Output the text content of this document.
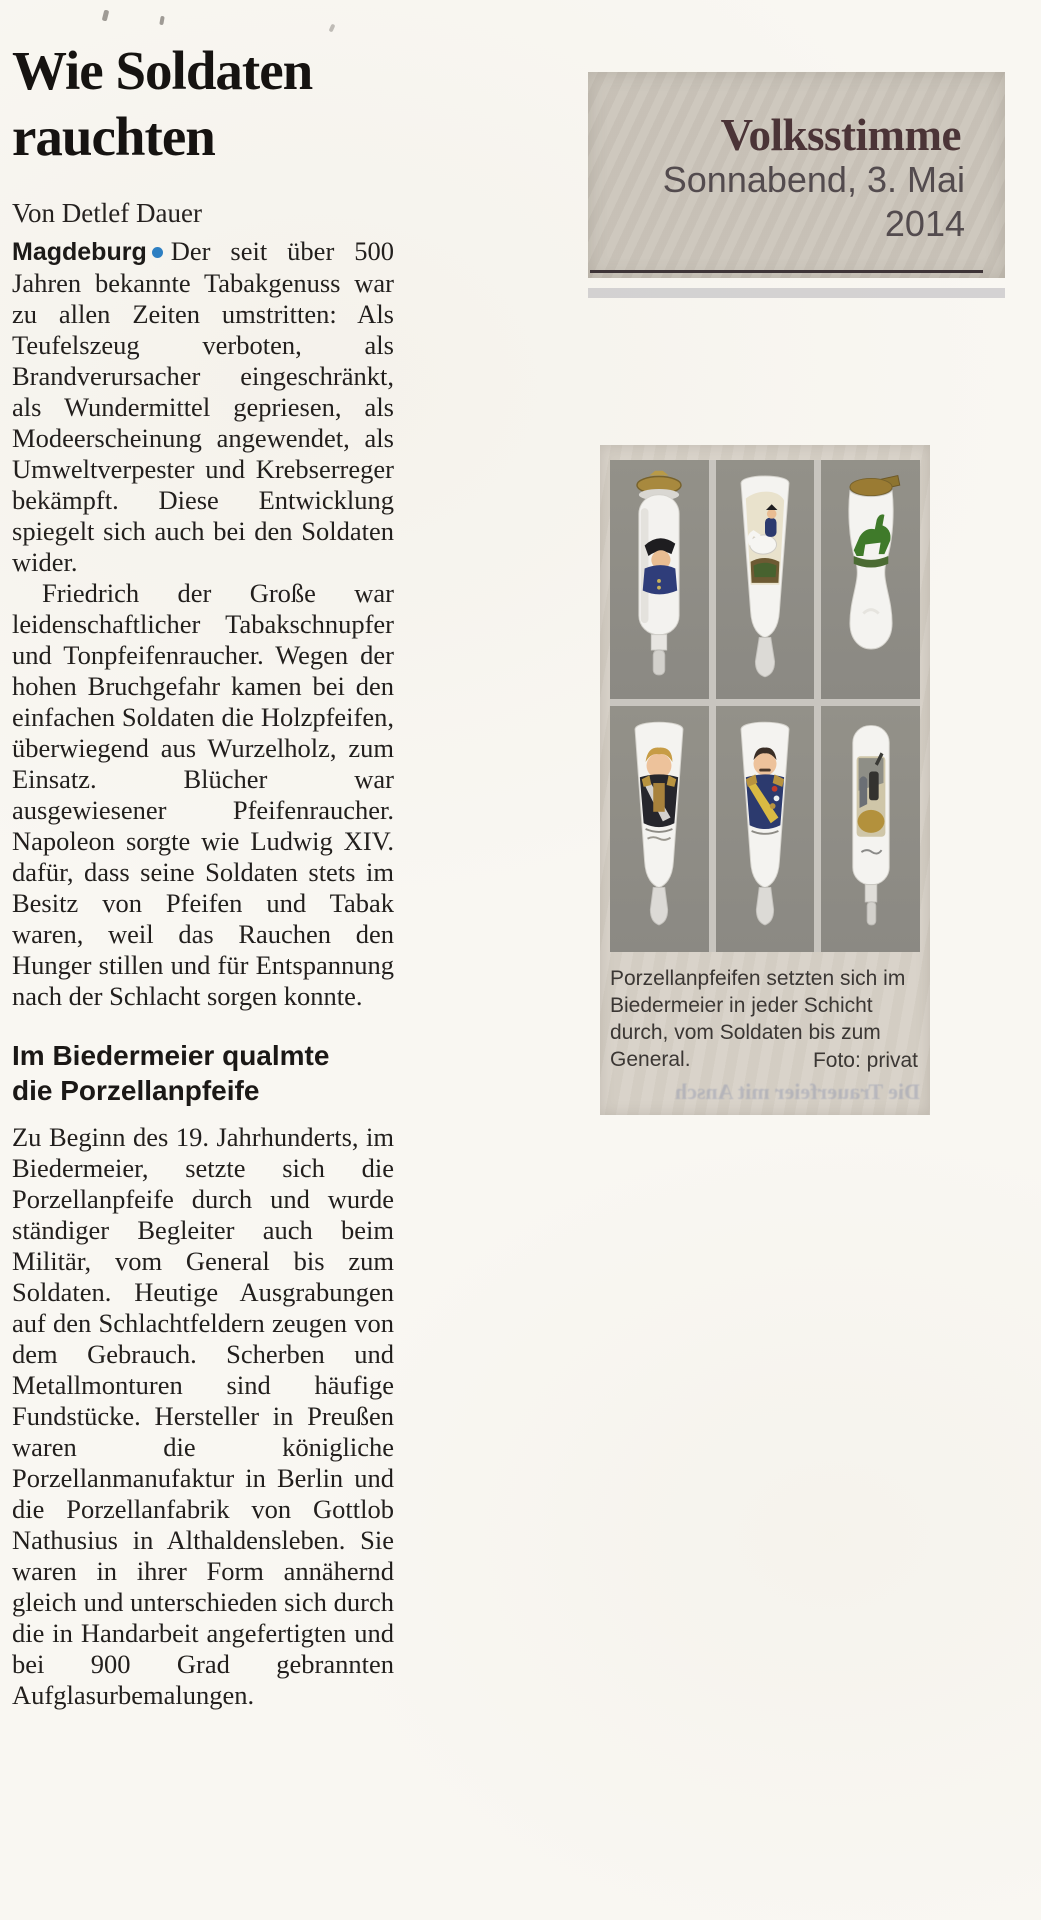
Wie Soldaten rauchten
Von Detlef Dauer

Magdeburg Der seit über 500 Jahren bekannte Tabakgenuss war zu allen Zeiten umstritten: Als Teufelszeug verboten, als Brandverursacher eingeschränkt, als Wundermittel gepriesen, als Modeerscheinung angewendet, als Umweltverpester und Krebserreger bekämpft. Diese Entwicklung spiegelt sich auch bei den Soldaten wider.

Friedrich der Große war leidenschaftlicher Tabakschnupfer und Tonpfeifenraucher. Wegen der hohen Bruchgefahr kamen bei den einfachen Soldaten die Holzpfeifen, überwiegend aus Wurzelholz, zum Einsatz. Blücher war ausgewiesener Pfeifenraucher. Napoleon sorgte wie Ludwig XIV. dafür, dass seine Soldaten stets im Besitz von Pfeifen und Tabak waren, weil das Rauchen den Hunger stillen und für Entspannung nach der Schlacht sorgen konnte.

Im Biedermeier qualmte die Porzellanpfeife

Zu Beginn des 19. Jahrhunderts, im Biedermeier, setzte sich die Porzellanpfeife durch und wurde ständiger Begleiter auch beim Militär, vom General bis zum Soldaten. Heutige Ausgrabungen auf den Schlachtfeldern zeugen von dem Gebrauch. Scherben und Metallmonturen sind häufige Fundstücke. Hersteller in Preußen waren die königliche Porzellanmanufaktur in Berlin und die Porzellanfabrik von Gottlob Nathusius in Althaldensleben. Sie waren in ihrer Form annähernd gleich und unterschieden sich durch die in Handarbeit angefertigten und bei 900 Grad gebrannten Aufglasurbemalungen.

Volksstimme
Sonnabend, 3. Mai 2014
Porzellanpfeifen setzten sich im Biedermeier in jeder Schicht durch, vom Soldaten bis zum General.	Foto: privat
Die Trauerfeier mit Ansch
